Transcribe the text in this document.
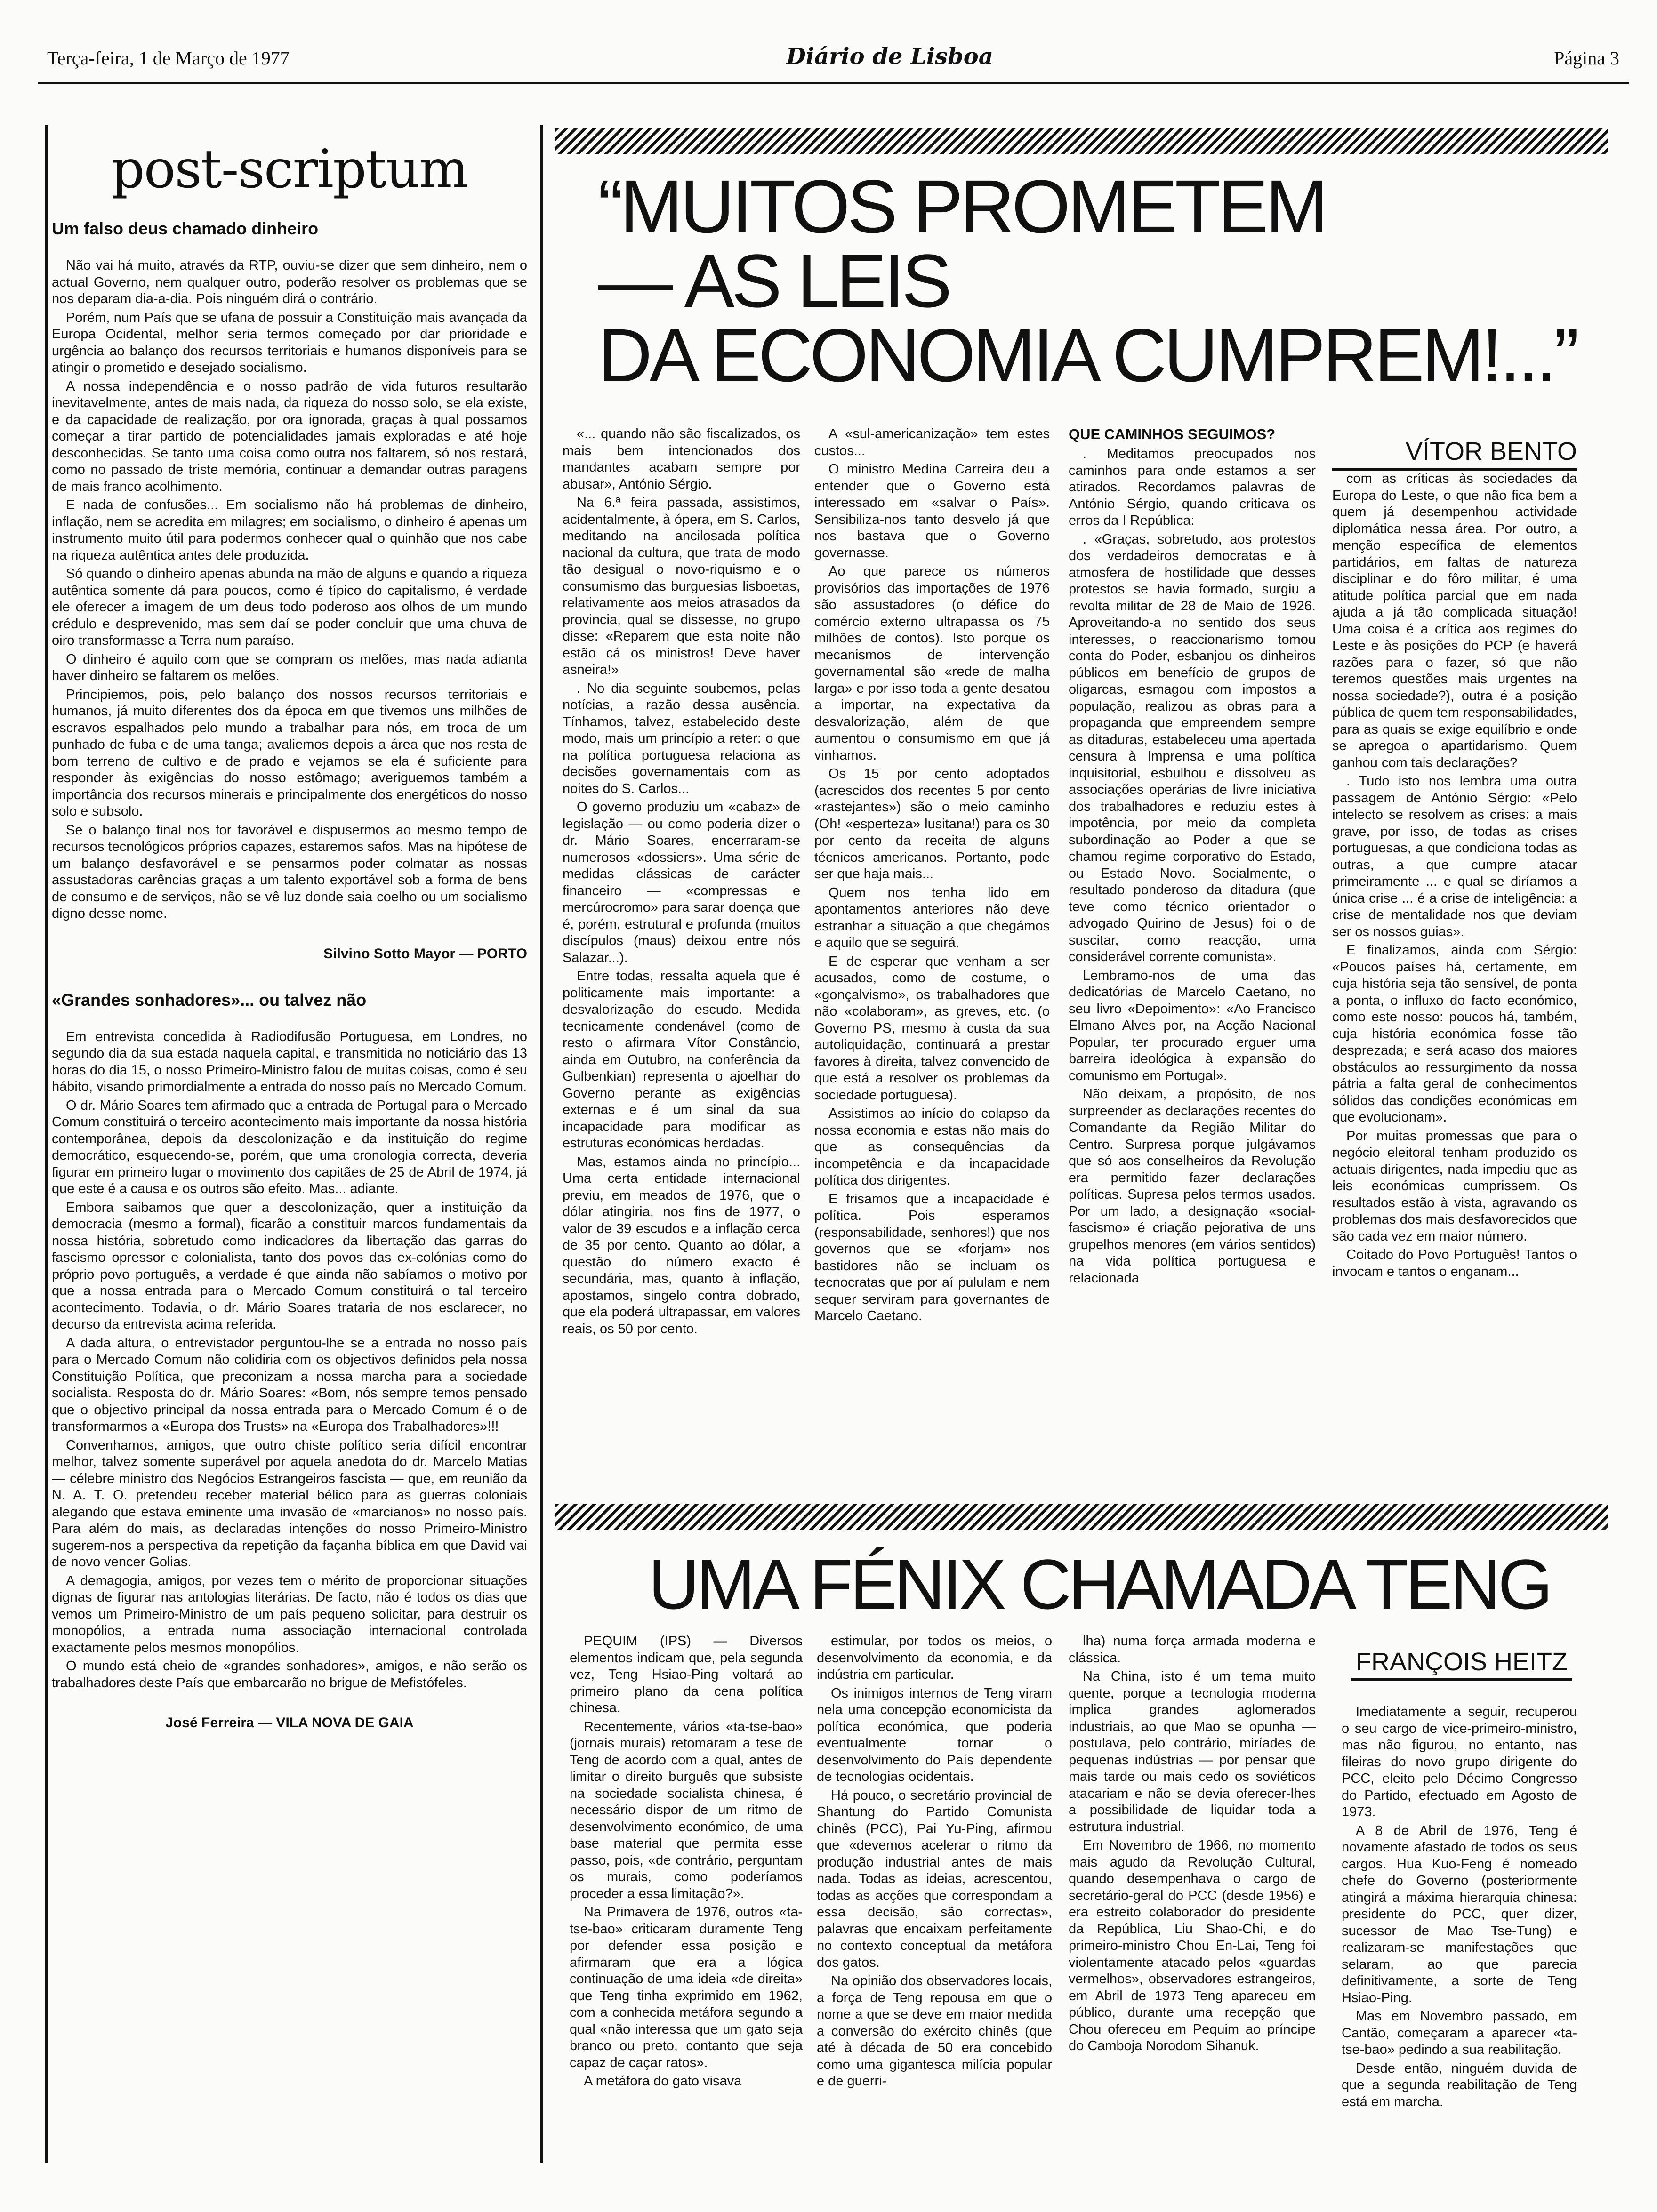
Terça-feira, 1 de Março de 1977	Diário de Lisboa	Página 3
post-scriptum
Um falso deus chamado dinheiro

Não vai há muito, através da RTP, ouviu-se dizer que sem dinheiro, nem o actual Governo, nem qualquer outro, poderão resolver os problemas que se nos deparam dia-a-dia. Pois ninguém dirá o contrário.

Porém, num País que se ufana de possuir a Constituição mais avançada da Europa Ocidental, melhor seria termos começado por dar prioridade e urgência ao balanço dos recursos territoriais e humanos disponíveis para se atingir o prometido e desejado socialismo.

A nossa independência e o nosso padrão de vida futuros resultarão inevitavelmente, antes de mais nada, da riqueza do nosso solo, se ela existe, e da capacidade de realização, por ora ignorada, graças à qual possamos começar a tirar partido de potencialidades jamais exploradas e até hoje desconhecidas. Se tanto uma coisa como outra nos faltarem, só nos restará, como no passado de triste memória, continuar a demandar outras paragens de mais franco acolhimento.

E nada de confusões... Em socialismo não há problemas de dinheiro, inflação, nem se acredita em milagres; em socialismo, o dinheiro é apenas um instrumento muito útil para podermos conhecer qual o quinhão que nos cabe na riqueza autêntica antes dele produzida.

Só quando o dinheiro apenas abunda na mão de alguns e quando a riqueza autêntica somente dá para poucos, como é típico do capitalismo, é verdade ele oferecer a imagem de um deus todo poderoso aos olhos de um mundo crédulo e desprevenido, mas sem daí se poder concluir que uma chuva de oiro transformasse a Terra num paraíso.

O dinheiro é aquilo com que se compram os melões, mas nada adianta haver dinheiro se faltarem os melões.

Principiemos, pois, pelo balanço dos nossos recursos territoriais e humanos, já muito diferentes dos da época em que tivemos uns milhões de escravos espalhados pelo mundo a trabalhar para nós, em troca de um punhado de fuba e de uma tanga; avaliemos depois a área que nos resta de bom terreno de cultivo e de prado e vejamos se ela é suficiente para responder às exigências do nosso estômago; averiguemos também a importância dos recursos minerais e principalmente dos energéticos do nosso solo e subsolo.

Se o balanço final nos for favorável e dispusermos ao mesmo tempo de recursos tecnológicos próprios capazes, estaremos safos. Mas na hipótese de um balanço desfavorável e se pensarmos poder colmatar as nossas assustadoras carências graças a um talento exportável sob a forma de bens de consumo e de serviços, não se vê luz donde saia coelho ou um socialismo digno desse nome.

Silvino Sotto Mayor — PORTO
«Grandes sonhadores»... ou talvez não

Em entrevista concedida à Radiodifusão Portuguesa, em Londres, no segundo dia da sua estada naquela capital, e transmitida no noticiário das 13 horas do dia 15, o nosso Primeiro-Ministro falou de muitas coisas, como é seu hábito, visando primordialmente a entrada do nosso país no Mercado Comum.

O dr. Mário Soares tem afirmado que a entrada de Portugal para o Mercado Comum constituirá o terceiro acontecimento mais importante da nossa história contemporânea, depois da descolonização e da instituição do regime democrático, esquecendo-se, porém, que uma cronologia correcta, deveria figurar em primeiro lugar o movimento dos capitães de 25 de Abril de 1974, já que este é a causa e os outros são efeito. Mas... adiante.

Embora saibamos que quer a descolonização, quer a instituição da democracia (mesmo a formal), ficarão a constituir marcos fundamentais da nossa história, sobretudo como indicadores da libertação das garras do fascismo opressor e colonialista, tanto dos povos das ex-colónias como do próprio povo português, a verdade é que ainda não sabíamos o motivo por que a nossa entrada para o Mercado Comum constituirá o tal terceiro acontecimento. Todavia, o dr. Mário Soares trataria de nos esclarecer, no decurso da entrevista acima referida.

A dada altura, o entrevistador perguntou-lhe se a entrada no nosso país para o Mercado Comum não colidiria com os objectivos definidos pela nossa Constituição Política, que preconizam a nossa marcha para a sociedade socialista. Resposta do dr. Mário Soares: «Bom, nós sempre temos pensado que o objectivo principal da nossa entrada para o Mercado Comum é o de transformarmos a «Europa dos Trusts» na «Europa dos Trabalhadores»!!!

Convenhamos, amigos, que outro chiste político seria difícil encontrar melhor, talvez somente superável por aquela anedota do dr. Marcelo Matias — célebre ministro dos Negócios Estrangeiros fascista — que, em reunião da N. A. T. O. pretendeu receber material bélico para as guerras coloniais alegando que estava eminente uma invasão de «marcianos» no nosso país. Para além do mais, as declaradas intenções do nosso Primeiro-Ministro sugerem-nos a perspectiva da repetição da façanha bíblica em que David vai de novo vencer Golias.

A demagogia, amigos, por vezes tem o mérito de proporcionar situações dignas de figurar nas antologias literárias. De facto, não é todos os dias que vemos um Primeiro-Ministro de um país pequeno solicitar, para destruir os monopólios, a entrada numa associação internacional controlada exactamente pelos mesmos monopólios.

O mundo está cheio de «grandes sonhadores», amigos, e não serão os trabalhadores deste País que embarcarão no brigue de Mefistófeles.

José Ferreira — VILA NOVA DE GAIA
“MUITOS PROMETEM
— AS LEIS
DA ECONOMIA CUMPREM!...”
VÍTOR BENTO

«... quando não são fiscalizados, os mais bem intencionados dos mandantes acabam sempre por abusar», António Sérgio.

Na 6.ª feira passada, assistimos, acidentalmente, à ópera, em S. Carlos, meditando na ancilosada política nacional da cultura, que trata de modo tão desigual o novo-riquismo e o consumismo das burguesias lisboetas, relativamente aos meios atrasados da provincia, qual se dissesse, no grupo disse: «Reparem que esta noite não estão cá os ministros! Deve haver asneira!»

. No dia seguinte soubemos, pelas notícias, a razão dessa ausência. Tínhamos, talvez, estabelecido deste modo, mais um princípio a reter: o que na política portuguesa relaciona as decisões governamentais com as noites do S. Carlos...

O governo produziu um «cabaz» de legislação — ou como poderia dizer o dr. Mário Soares, encerraram-se numerosos «dossiers». Uma série de medidas clássicas de carácter financeiro — «compressas e mercúrocromo» para sarar doença que é, porém, estrutural e profunda (muitos discípulos (maus) deixou entre nós Salazar...).

Entre todas, ressalta aquela que é politicamente mais importante: a desvalorização do escudo. Medida tecnicamente condenável (como de resto o afirmara Vítor Constâncio, ainda em Outubro, na conferência da Gulbenkian) representa o ajoelhar do Governo perante as exigências externas e é um sinal da sua incapacidade para modificar as estruturas económicas herdadas.

Mas, estamos ainda no princípio... Uma certa entidade internacional previu, em meados de 1976, que o dólar atingiria, nos fins de 1977, o valor de 39 escudos e a inflação cerca de 35 por cento. Quanto ao dólar, a questão do número exacto é secundária, mas, quanto à inflação, apostamos, singelo contra dobrado, que ela poderá ultrapassar, em valores reais, os 50 por cento.

A «sul-americanização» tem estes custos...

O ministro Medina Carreira deu a entender que o Governo está interessado em «salvar o País». Sensibiliza-nos tanto desvelo já que nos bastava que o Governo governasse.

Ao que parece os números provisórios das importações de 1976 são assustadores (o défice do comércio externo ultrapassa os 75 milhões de contos). Isto porque os mecanismos de intervenção governamental são «rede de malha larga» e por isso toda a gente desatou a importar, na expectativa da desvalorização, além de que aumentou o consumismo em que já vinhamos.

Os 15 por cento adoptados (acrescidos dos recentes 5 por cento «rastejantes») são o meio caminho (Oh! «esperteza» lusitana!) para os 30 por cento da receita de alguns técnicos americanos. Portanto, pode ser que haja mais...

Quem nos tenha lido em apontamentos anteriores não deve estranhar a situação a que chegámos e aquilo que se seguirá.

E de esperar que venham a ser acusados, como de costume, o «gonçalvismo», os trabalhadores que não «colaboram», as greves, etc. (o Governo PS, mesmo à custa da sua autoliquidação, continuará a prestar favores à direita, talvez convencido de que está a resolver os problemas da sociedade portuguesa).

Assistimos ao início do colapso da nossa economia e estas não mais do que as consequências da incompetência e da incapacidade política dos dirigentes.

E frisamos que a incapacidade é política. Pois esperamos (responsabilidade, senhores!) que nos governos que se «forjam» nos bastidores não se incluam os tecnocratas que por aí pululam e nem sequer serviram para governantes de Marcelo Caetano.

QUE CAMINHOS SEGUIMOS?

. Meditamos preocupados nos caminhos para onde estamos a ser atirados. Recordamos palavras de António Sérgio, quando criticava os erros da I República:

. «Graças, sobretudo, aos protestos dos verdadeiros democratas e à atmosfera de hostilidade que desses protestos se havia formado, surgiu a revolta militar de 28 de Maio de 1926. Aproveitando-a no sentido dos seus interesses, o reaccionarismo tomou conta do Poder, esbanjou os dinheiros públicos em benefício de grupos de oligarcas, esmagou com impostos a população, realizou as obras para a propaganda que empreendem sempre as ditaduras, estabeleceu uma apertada censura à Imprensa e uma política inquisitorial, esbulhou e dissolveu as associações operárias de livre iniciativa dos trabalhadores e reduziu estes à impotência, por meio da completa subordinação ao Poder a que se chamou regime corporativo do Estado, ou Estado Novo. Socialmente, o resultado ponderoso da ditadura (que teve como técnico orientador o advogado Quirino de Jesus) foi o de suscitar, como reacção, uma considerável corrente comunista».

Lembramo-nos de uma das dedicatórias de Marcelo Caetano, no seu livro «Depoimento»: «Ao Francisco Elmano Alves por, na Acção Nacional Popular, ter procurado erguer uma barreira ideológica à expansão do comunismo em Portugal».

Não deixam, a propósito, de nos surpreender as declarações recentes do Comandante da Região Militar do Centro. Surpresa porque julgávamos que só aos conselheiros da Revolução era permitido fazer declarações políticas. Supresa pelos termos usados. Por um lado, a designação «social-fascismo» é criação pejorativa de uns grupelhos menores (em vários sentidos) na vida política portuguesa e relacionada

com as críticas às sociedades da Europa do Leste, o que não fica bem a quem já desempenhou actividade diplomática nessa área. Por outro, a menção específica de elementos partidários, em faltas de natureza disciplinar e do fôro militar, é uma atitude política parcial que em nada ajuda a já tão complicada situação! Uma coisa é a crítica aos regimes do Leste e às posições do PCP (e haverá razões para o fazer, só que não teremos questões mais urgentes na nossa sociedade?), outra é a posição pública de quem tem responsabilidades, para as quais se exige equilíbrio e onde se apregoa o apartidarismo. Quem ganhou com tais declarações?

. Tudo isto nos lembra uma outra passagem de António Sérgio: «Pelo intelecto se resolvem as crises: a mais grave, por isso, de todas as crises portuguesas, a que condiciona todas as outras, a que cumpre atacar primeiramente ... e qual se diríamos a única crise ... é a crise de inteligência: a crise de mentalidade nos que deviam ser os nossos guias».

E finalizamos, ainda com Sérgio: «Poucos países há, certamente, em cuja história seja tão sensível, de ponta a ponta, o influxo do facto económico, como este nosso: poucos há, também, cuja história económica fosse tão desprezada; e será acaso dos maiores obstáculos ao ressurgimento da nossa pátria a falta geral de conhecimentos sólidos das condições económicas em que evolucionam».

Por muitas promessas que para o negócio eleitoral tenham produzido os actuais dirigentes, nada impediu que as leis económicas cumprissem. Os resultados estão à vista, agravando os problemas dos mais desfavorecidos que são cada vez em maior número.

Coitado do Povo Português! Tantos o invocam e tantos o enganam...

UMA FÉNIX CHAMADA TENG
FRANÇOIS HEITZ

PEQUIM (IPS) — Diversos elementos indicam que, pela segunda vez, Teng Hsiao-Ping voltará ao primeiro plano da cena política chinesa.

Recentemente, vários «ta-tse-bao» (jornais murais) retomaram a tese de Teng de acordo com a qual, antes de limitar o direito burguês que subsiste na sociedade socialista chinesa, é necessário dispor de um ritmo de desenvolvimento económico, de uma base material que permita esse passo, pois, «de contrário, perguntam os murais, como poderíamos proceder a essa limitação?».

Na Primavera de 1976, outros «ta-tse-bao» criticaram duramente Teng por defender essa posição e afirmaram que era a lógica continuação de uma ideia «de direita» que Teng tinha exprimido em 1962, com a conhecida metáfora segundo a qual «não interessa que um gato seja branco ou preto, contanto que seja capaz de caçar ratos».

A metáfora do gato visava

estimular, por todos os meios, o desenvolvimento da economia, e da indústria em particular.

Os inimigos internos de Teng viram nela uma concepção economicista da política económica, que poderia eventualmente tornar o desenvolvimento do País dependente de tecnologias ocidentais.

Há pouco, o secretário provincial de Shantung do Partido Comunista chinês (PCC), Pai Yu-Ping, afirmou que «devemos acelerar o ritmo da produção industrial antes de mais nada. Todas as ideias, acrescentou, todas as acções que correspondam a essa decisão, são correctas», palavras que encaixam perfeitamente no contexto conceptual da metáfora dos gatos.

Na opinião dos observadores locais, a força de Teng repousa em que o nome a que se deve em maior medida a conversão do exército chinês (que até à década de 50 era concebido como uma gigantesca milícia popular e de guerri-

lha) numa força armada moderna e clássica.

Na China, isto é um tema muito quente, porque a tecnologia moderna implica grandes aglomerados industriais, ao que Mao se opunha — postulava, pelo contrário, miríades de pequenas indústrias — por pensar que mais tarde ou mais cedo os soviéticos atacariam e não se devia oferecer-lhes a possibilidade de liquidar toda a estrutura industrial.

Em Novembro de 1966, no momento mais agudo da Revolução Cultural, quando desempenhava o cargo de secretário-geral do PCC (desde 1956) e era estreito colaborador do presidente da República, Liu Shao-Chi, e do primeiro-ministro Chou En-Lai, Teng foi violentamente atacado pelos «guardas vermelhos», observadores estrangeiros, em Abril de 1973 Teng apareceu em público, durante uma recepção que Chou ofereceu em Pequim ao príncipe do Camboja Norodom Sihanuk.

Imediatamente a seguir, recuperou o seu cargo de vice-primeiro-ministro, mas não figurou, no entanto, nas fileiras do novo grupo dirigente do PCC, eleito pelo Décimo Congresso do Partido, efectuado em Agosto de 1973.

A 8 de Abril de 1976, Teng é novamente afastado de todos os seus cargos. Hua Kuo-Feng é nomeado chefe do Governo (posteriormente atingirá a máxima hierarquia chinesa: presidente do PCC, quer dizer, sucessor de Mao Tse-Tung) e realizaram-se manifestações que selaram, ao que parecia definitivamente, a sorte de Teng Hsiao-Ping.

Mas em Novembro passado, em Cantão, começaram a aparecer «ta-tse-bao» pedindo a sua reabilitação.

Desde então, ninguém duvida de que a segunda reabilitação de Teng está em marcha.
